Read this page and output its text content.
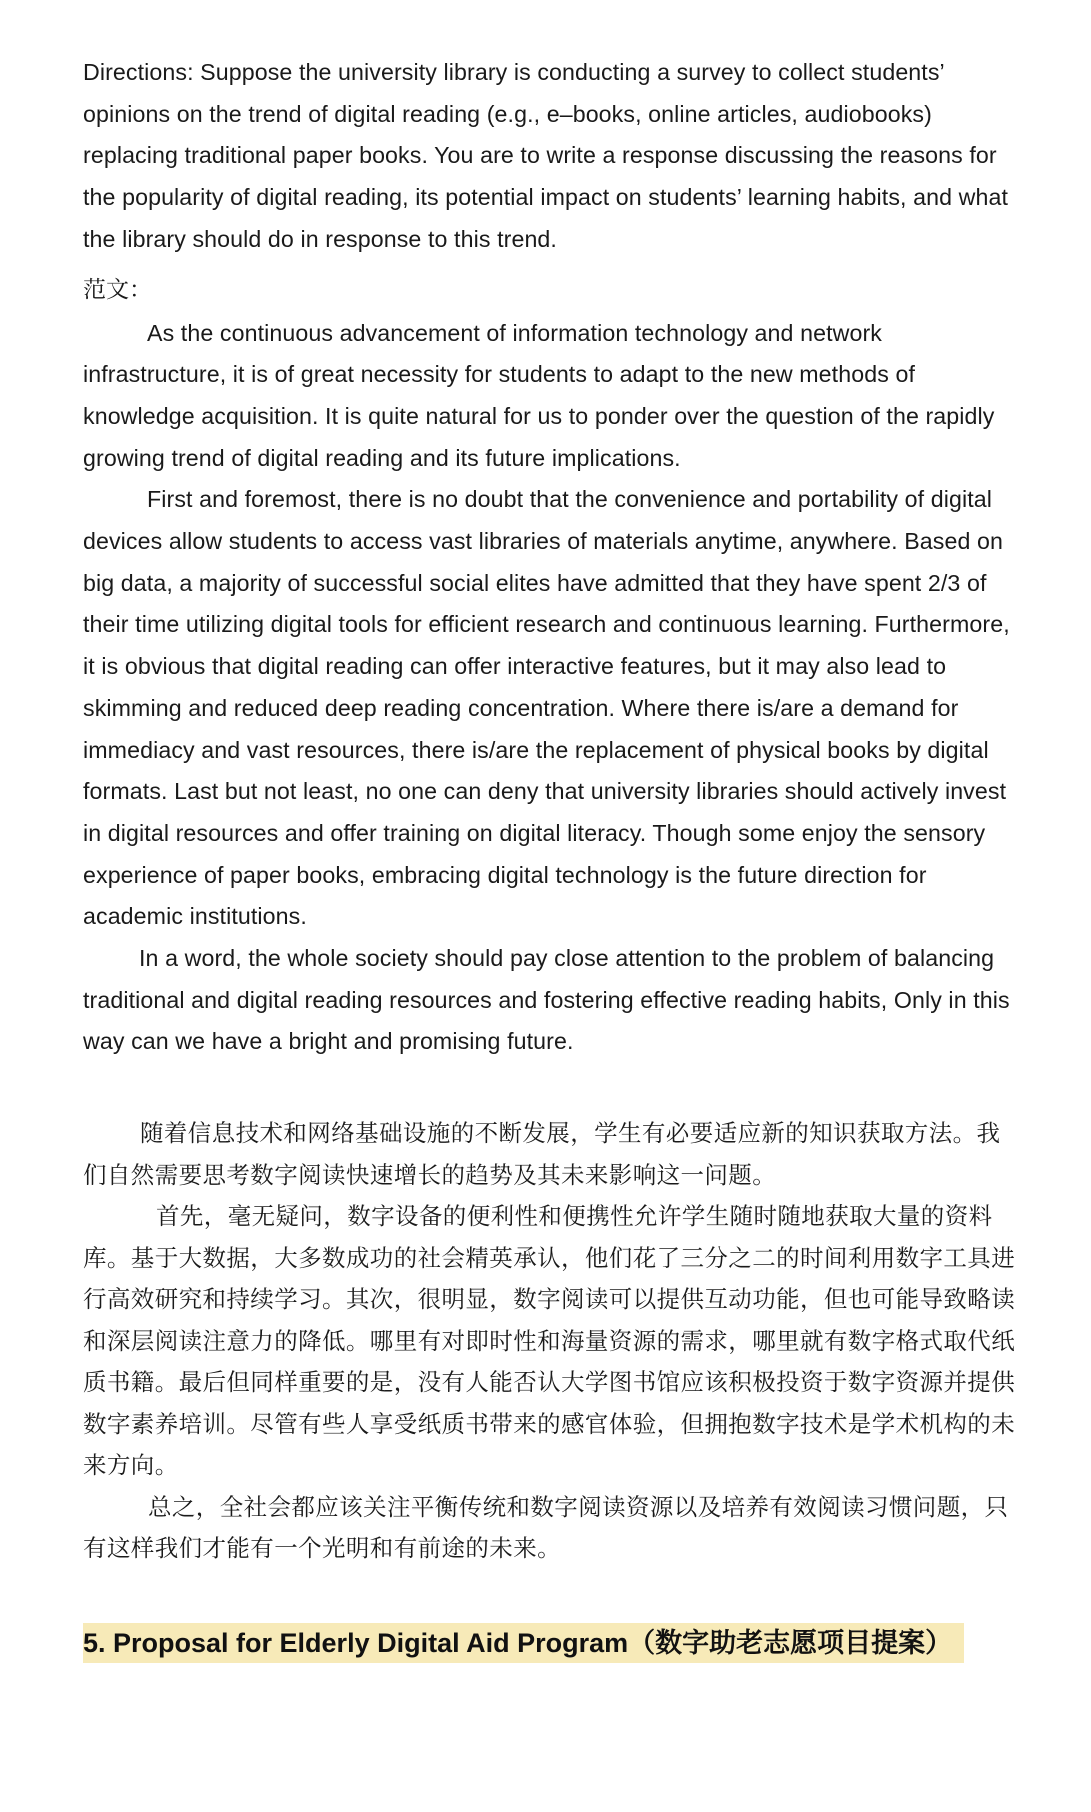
Directions: Suppose the university library is conducting a survey to collect students’ opinions on the trend of digital reading (e.g., e–books, online articles, audiobooks) replacing traditional paper books. You are to write a response discussing the reasons for the popularity of digital reading, its potential impact on students’ learning habits, and what the library should do in response to this trend.

范文：

As the continuous advancement of information technology and network infrastructure, it is of great necessity for students to adapt to the new methods of knowledge acquisition. It is quite natural for us to ponder over the question of the rapidly growing trend of digital reading and its future implications.

First and foremost, there is no doubt that the convenience and portability of digital devices allow students to access vast libraries of materials anytime, anywhere. Based on big data, a majority of successful social elites have admitted that they have spent 2/3 of their time utilizing digital tools for efficient research and continuous learning. Furthermore, it is obvious that digital reading can offer interactive features, but it may also lead to skimming and reduced deep reading concentration. Where there is/are a demand for immediacy and vast resources, there is/are the replacement of physical books by digital formats. Last but not least, no one can deny that university libraries should actively invest in digital resources and offer training on digital literacy. Though some enjoy the sensory experience of paper books, embracing digital technology is the future direction for academic institutions.

In a word, the whole society should pay close attention to the problem of balancing traditional and digital reading resources and fostering effective reading habits, Only in this way can we have a bright and promising future.

随着信息技术和网络基础设施的不断发展，学生有必要适应新的知识获取方法。我们自然需要思考数字阅读快速增长的趋势及其未来影响这一问题。

首先，毫无疑问，数字设备的便利性和便携性允许学生随时随地获取大量的资料库。基于大数据，大多数成功的社会精英承认，他们花了三分之二的时间利用数字工具进行高效研究和持续学习。其次，很明显，数字阅读可以提供互动功能，但也可能导致略读和深层阅读注意力的降低。哪里有对即时性和海量资源的需求，哪里就有数字格式取代纸质书籍。最后但同样重要的是，没有人能否认大学图书馆应该积极投资于数字资源并提供数字素养培训。尽管有些人享受纸质书带来的感官体验，但拥抱数字技术是学术机构的未来方向。

总之，全社会都应该关注平衡传统和数字阅读资源以及培养有效阅读习惯问题，只有这样我们才能有一个光明和有前途的未来。

5. Proposal for Elderly Digital Aid Program（数字助老志愿项目提案）
